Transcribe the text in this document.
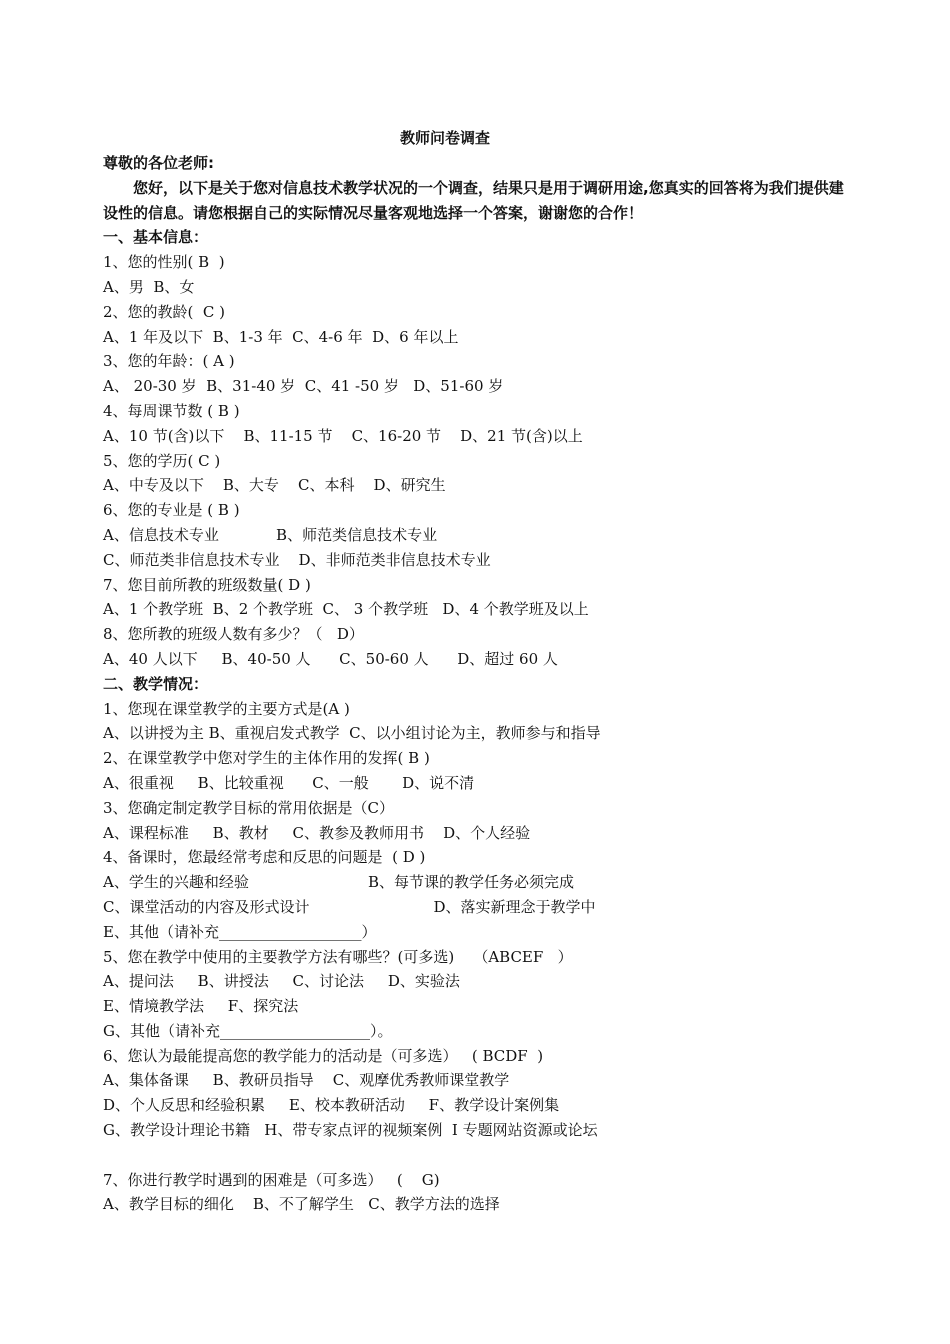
教师问卷调查
尊敬的各位老师:
您好，以下是关于您对信息技术教学状况的一个调查，结果只是用于调研用途,您真实的回答将为我们提供建设性的信息。请您根据自己的实际情况尽量客观地选择一个答案，谢谢您的合作！
一、基本信息：
1、您的性别( B  )
A、男  B、女
2、您的教龄(  C )
A、1 年及以下  B、1-3 年  C、4-6 年  D、6 年以上
3、您的年龄：( A )
A、 20-30 岁  B、31-40 岁  C、41 -50 岁   D、51-60 岁
4、每周课节数 ( B )
A、10 节(含)以下    B、11-15 节    C、16-20 节    D、21 节(含)以上
5、您的学历( C )
A、中专及以下    B、大专    C、本科    D、研究生
6、您的专业是 ( B )
A、信息技术专业            B、师范类信息技术专业
C、师范类非信息技术专业    D、非师范类非信息技术专业
7、您目前所教的班级数量( D )
A、1 个教学班  B、2 个教学班  C、 3 个教学班   D、4 个教学班及以上
8、您所教的班级人数有多少？（   D）
A、40 人以下     B、40-50 人      C、50-60 人      D、超过 60 人
二、教学情况：
1、您现在课堂教学的主要方式是(A )
A、以讲授为主 B、重视启发式教学  C、以小组讨论为主，教师参与和指导
2、在课堂教学中您对学生的主体作用的发挥( B )
A、很重视     B、比较重视      C、一般       D、说不清
3、您确定制定教学目标的常用依据是（C）
A、课程标准     B、教材     C、教参及教师用书    D、个人经验
4、备课时，您最经常考虑和反思的问题是  ( D )
A、学生的兴趣和经验                         B、每节课的教学任务必须完成
C、课堂活动的内容及形式设计                          D、落实新理念于教学中
E、其他（请补充___________________）
5、您在教学中使用的主要教学方法有哪些？(可多选)    （ABCEF   ）
A、提问法     B、讲授法     C、讨论法     D、实验法
E、情境教学法     F、探究法
G、其他（请补充____________________）。
6、您认为最能提高您的教学能力的活动是（可多选）   ( BCDF  )
A、集体备课     B、教研员指导    C、观摩优秀教师课堂教学
D、个人反思和经验积累     E、校本教研活动     F、教学设计案例集
G、教学设计理论书籍   H、带专家点评的视频案例  I 专题网站资源或论坛
7、你进行教学时遇到的困难是（可多选）   (    G)
A、教学目标的细化    B、不了解学生   C、教学方法的选择
